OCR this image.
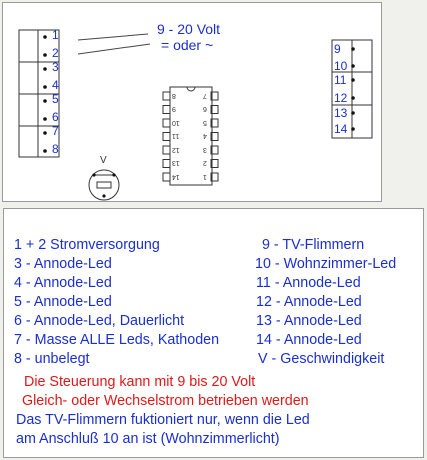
9 - 20 Volt
= oder ~
1
2
3
4
5
6
7
8
9
10
11
12
13
14
8	7
9	6
10	5
11	4
12	3
13	2
14	1
V
1 + 2 Stromversorgung
3 - Annode-Led
4 - Annode-Led
5 - Annode-Led
6 - Annode-Led, Dauerlicht
7 - Masse ALLE Leds, Kathoden
8 - unbelegt
9 - TV-Flimmern
10 - Wohnzimmer-Led
11 - Annode-Led
12 - Annode-Led
13 - Annode-Led
14 - Annode-Led
V - Geschwindigkeit
Die Steuerung kann mit 9 bis 20 Volt
Gleich- oder Wechselstrom betrieben werden
Das TV-Flimmern fuktioniert nur, wenn die Led
am Anschluß 10 an ist (Wohnzimmerlicht)
